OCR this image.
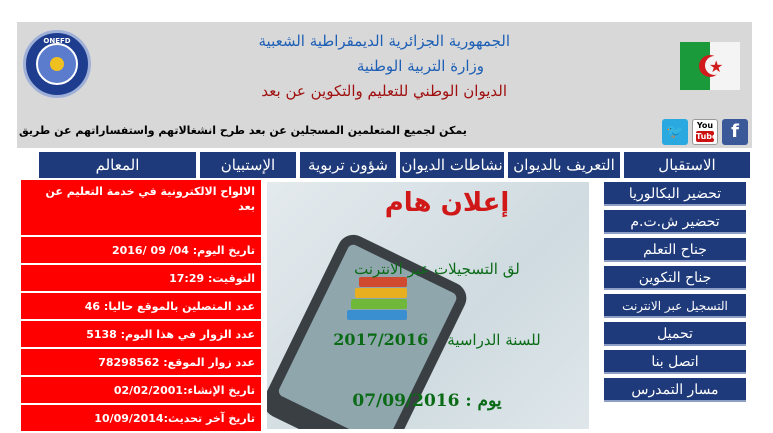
ONEFD	الجمهورية الجزائرية الديمقراطية الشعبية
وزارة التربية الوطنية
الديوان الوطني للتعليم والتكوين عن بعد
★
يمكن لجميع المتعلمين المسجلين عن بعد طرح انشغالاتهم واستفساراتهم عن طريق	f
You
Tube
🐦
الاستقبال
التعريف بالديوان
نشاطات الديوان
شؤون تربوية
الإستبيان
المعالم
تحضير البكالوريا
تحضير ش.ت.م
جناح التعلم
جناح التكوين
التسجيل عبر الانترنت
تحميل
اتصل بنا
مسار التمدرس
إعلان هام
لق التسجيلات عبر الانترنت
للسنة الدراسية    2017/2016
يوم : 07/09/2016
الالواح الالكترونية في خدمة التعليم عن بعد
تاريخ اليوم: 04/ 09 /2016
التوقيت: 17:29
عدد المتصلين بالموقع حاليا: 46
عدد الزوار في هذا اليوم: 5138
عدد زوار الموقع: 78298562
تاريخ الإنشاء:02/02/2001
تاريخ آخر تحديث:10/09/2014
